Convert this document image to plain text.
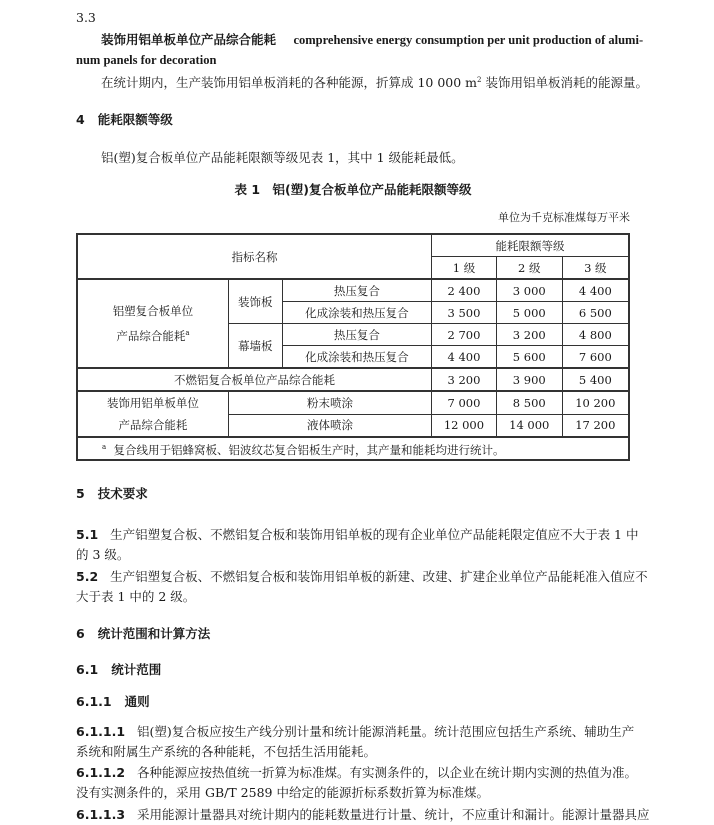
3.3
装饰用铝单板单位产品综合能耗 comprehensive energy consumption per unit production of alumi-
num panels for decoration
在统计期内，生产装饰用铝单板消耗的各种能源，折算成 10 000 $m^2$ 装饰用铝单板消耗的能源量。
4 能耗限额等级
铝(塑)复合板单位产品能耗限额等级见表 1，其中 1 级能耗最低。
表 1　铝(塑)复合板单位产品能耗限额等级
单位为千克标准煤每万平米
指标名称			能耗限额等级		
			1 级	2 级	3 级
铝塑复合板单位
产品综合能耗$^a$	装饰板	热压复合	2 400	3 000	4 400
		化成涂装和热压复合	3 500	5 000	6 500
	幕墙板	热压复合	2 700	3 200	4 800
		化成涂装和热压复合	4 400	5 600	7 600
不燃铝复合板单位产品综合能耗			3 200	3 900	5 400
装饰用铝单板单位
产品综合能耗	粉末喷涂		7 000	8 500	10 200
	液体喷涂		12 000	14 000	17 200
$^a$ 复合线用于铝蜂窝板、铝波纹芯复合铝板生产时，其产量和能耗均进行统计。					
5 技术要求
5.1 生产铝塑复合板、不燃铝复合板和装饰用铝单板的现有企业单位产品能耗限定值应不大于表 1 中
的 3 级。
5.2 生产铝塑复合板、不燃铝复合板和装饰用铝单板的新建、改建、扩建企业单位产品能耗准入值应不
大于表 1 中的 2 级。
6 统计范围和计算方法
6.1 统计范围
6.1.1 通则
6.1.1.1 铝(塑)复合板应按生产线分别计量和统计能源消耗量。统计范围应包括生产系统、辅助生产
系统和附属生产系统的各种能耗，不包括生活用能耗。
6.1.1.2 各种能源应按热值统一折算为标准煤。有实测条件的，以企业在统计期内实测的热值为准。
没有实测条件的，采用 GB/T 2589 中给定的能源折标系数折算为标准煤。
6.1.1.3 采用能源计量器具对统计期内的能耗数量进行计量、统计，不应重计和漏计。能源计量器具应
